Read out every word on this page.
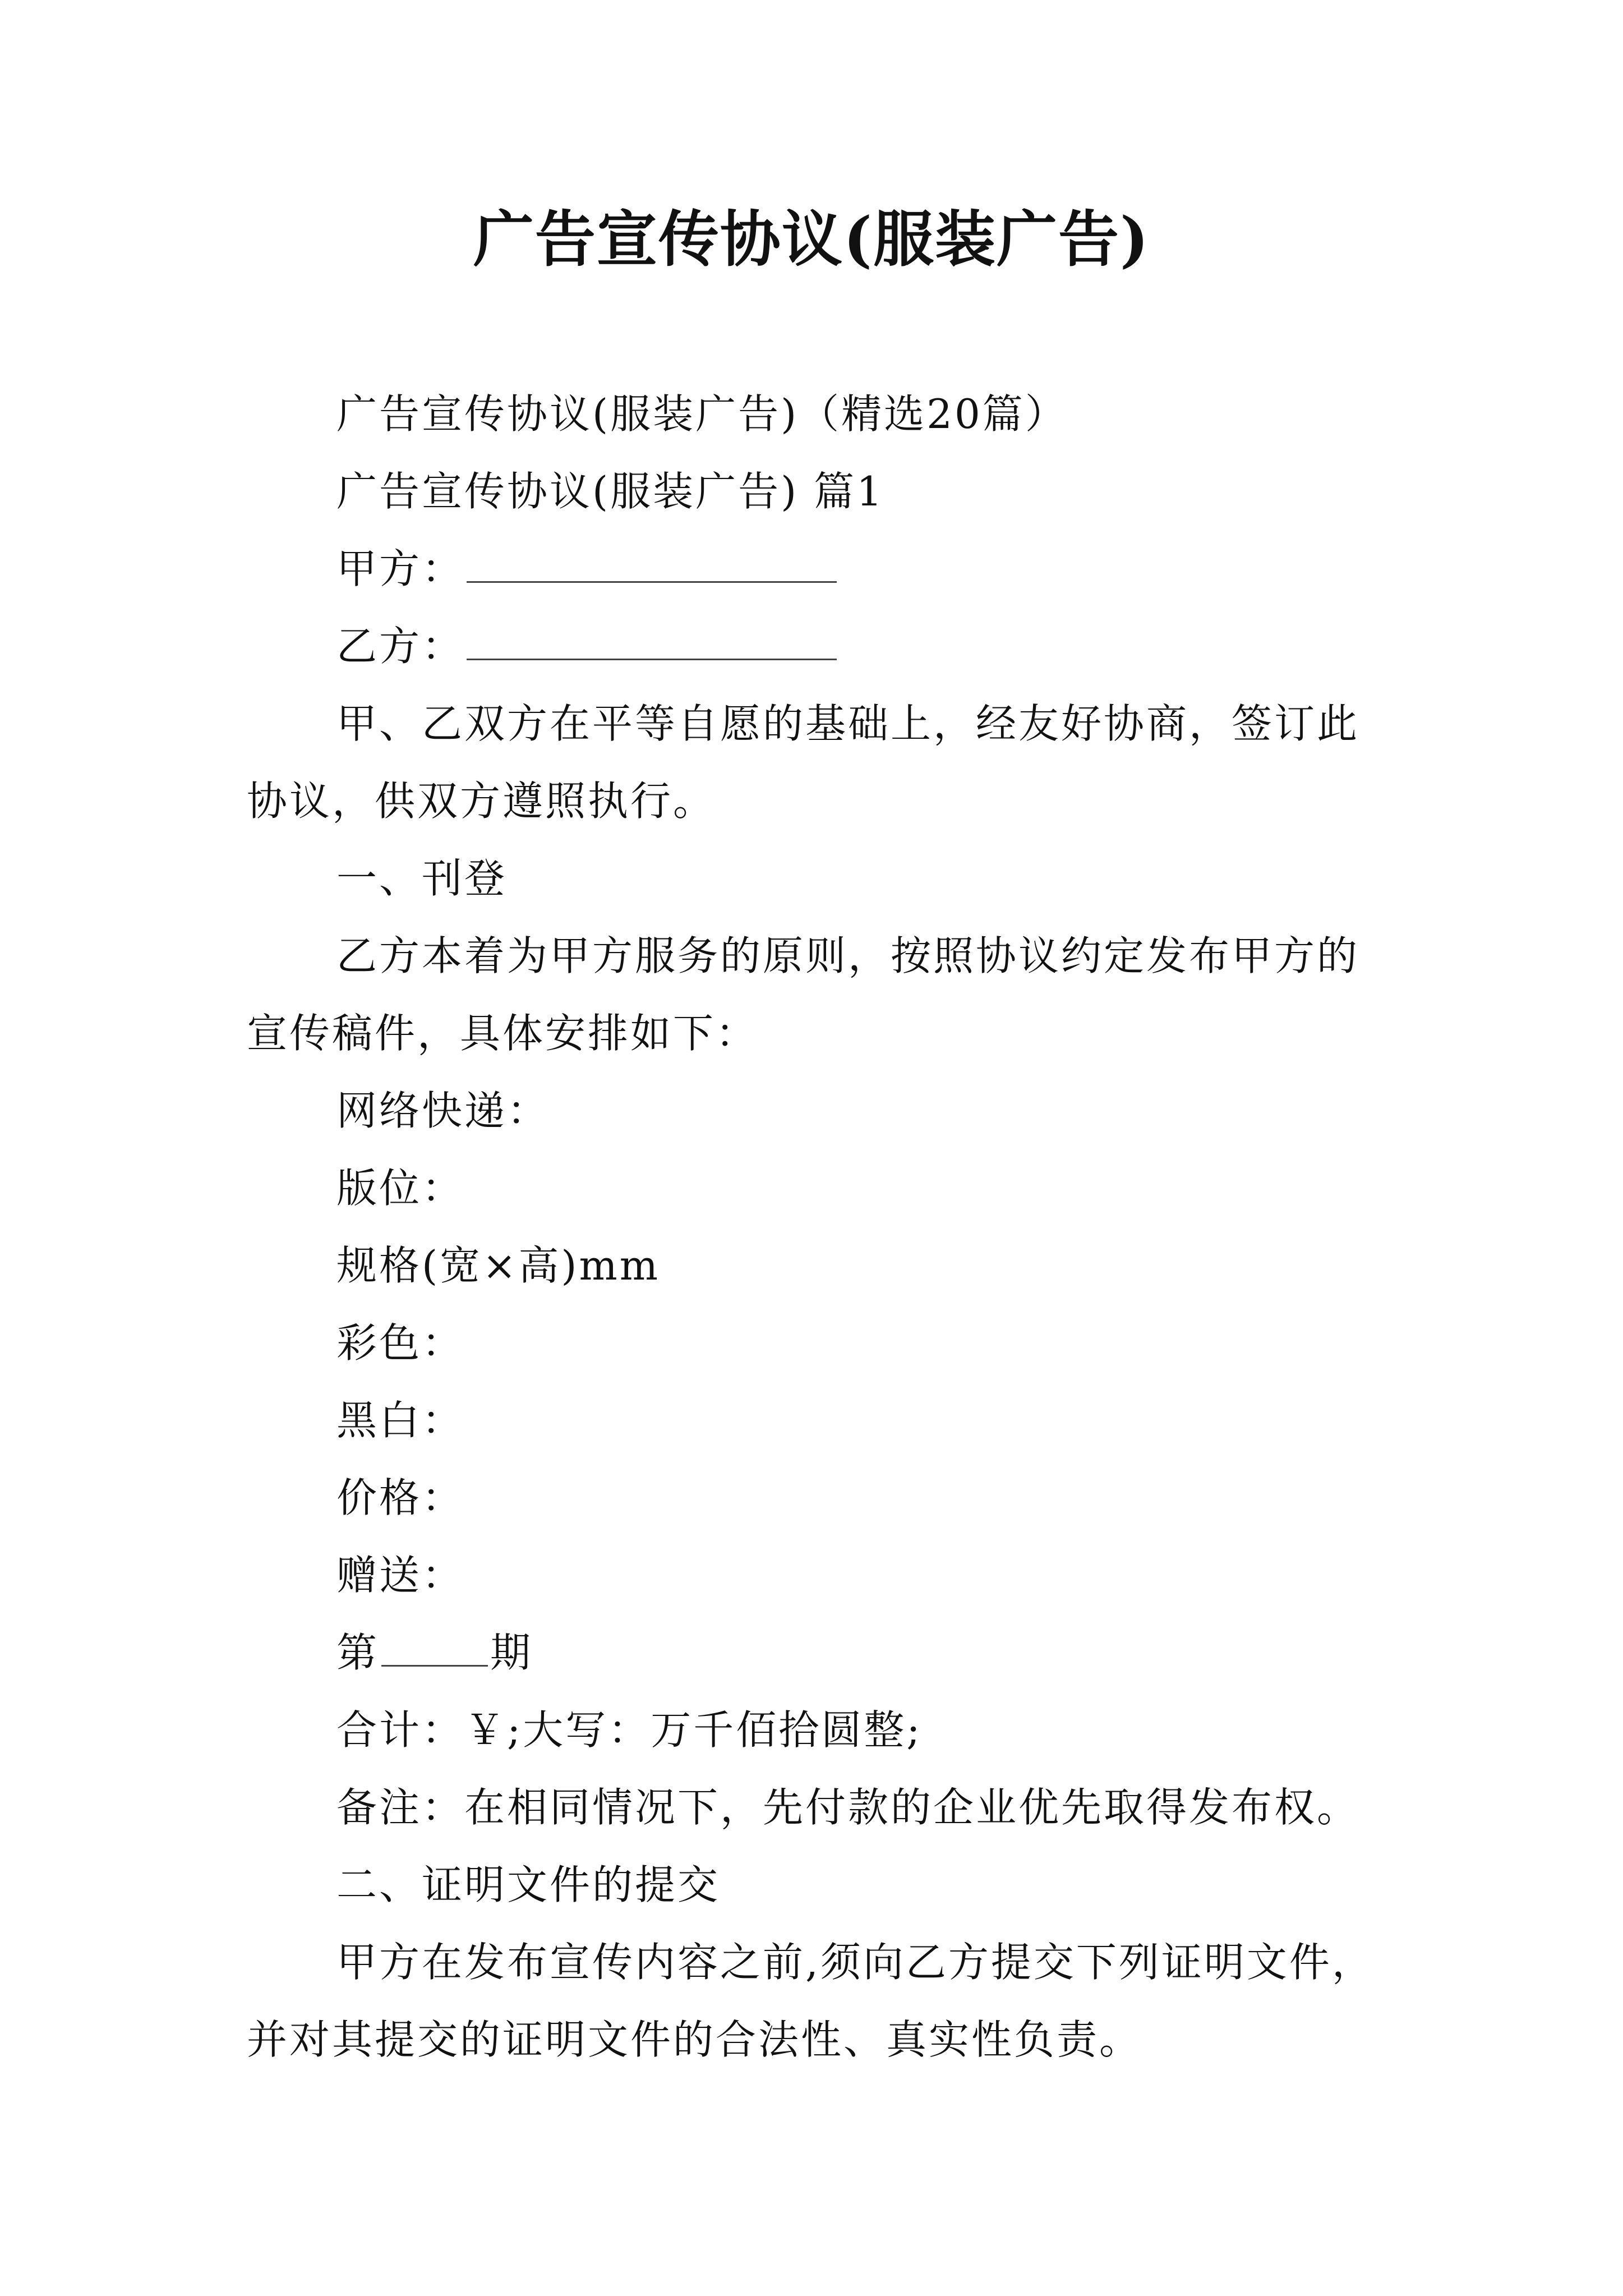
广告宣传协议(服装广告)
广告宣传协议(服装广告)（精选20篇）
广告宣传协议(服装广告) 篇1
甲方：
乙方：
甲、乙双方在平等自愿的基础上，经友好协商，签订此
协议，供双方遵照执行。
一、刊登
乙方本着为甲方服务的原则，按照协议约定发布甲方的
宣传稿件，具体安排如下：
网络快递：
版位：
规格(宽×高)mm
彩色：
黑白：
价格：
赠送：
第	期
合计：￥;大写：万千佰拾圆整;
备注：在相同情况下，先付款的企业优先取得发布权。
二、证明文件的提交
甲方在发布宣传内容之前,须向乙方提交下列证明文件，
并对其提交的证明文件的合法性、真实性负责。
